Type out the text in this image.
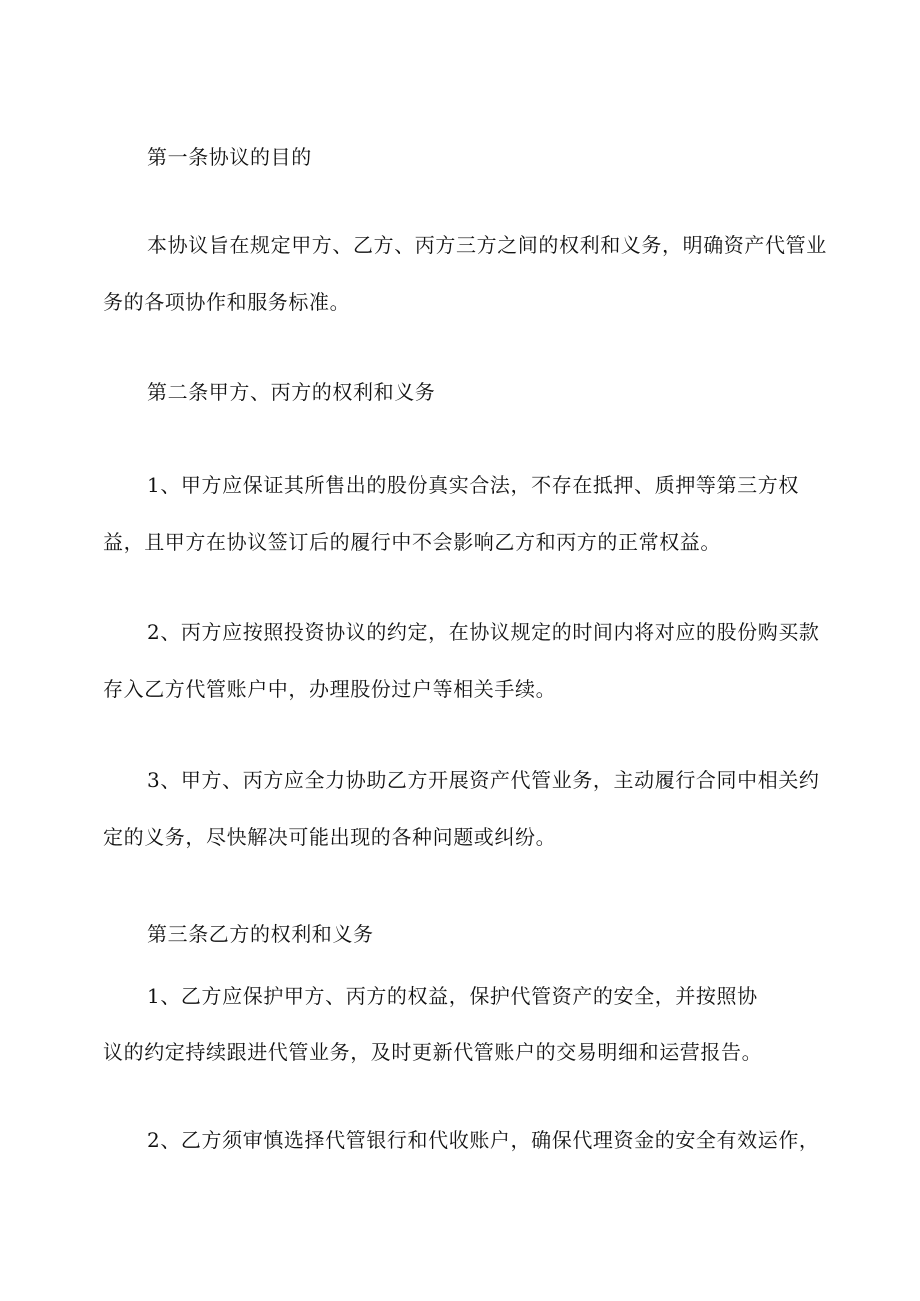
第一条协议的目的
本协议旨在规定甲方、乙方、丙方三方之间的权利和义务，明确资产代管业
务的各项协作和服务标准。
第二条甲方、丙方的权利和义务
1、甲方应保证其所售出的股份真实合法，不存在抵押、质押等第三方权
益，且甲方在协议签订后的履行中不会影响乙方和丙方的正常权益。
2、丙方应按照投资协议的约定，在协议规定的时间内将对应的股份购买款
存入乙方代管账户中，办理股份过户等相关手续。
3、甲方、丙方应全力协助乙方开展资产代管业务，主动履行合同中相关约
定的义务，尽快解决可能出现的各种问题或纠纷。
第三条乙方的权利和义务
1、乙方应保护甲方、丙方的权益，保护代管资产的安全，并按照协
议的约定持续跟进代管业务，及时更新代管账户的交易明细和运营报告。
2、乙方须审慎选择代管银行和代收账户，确保代理资金的安全有效运作，
